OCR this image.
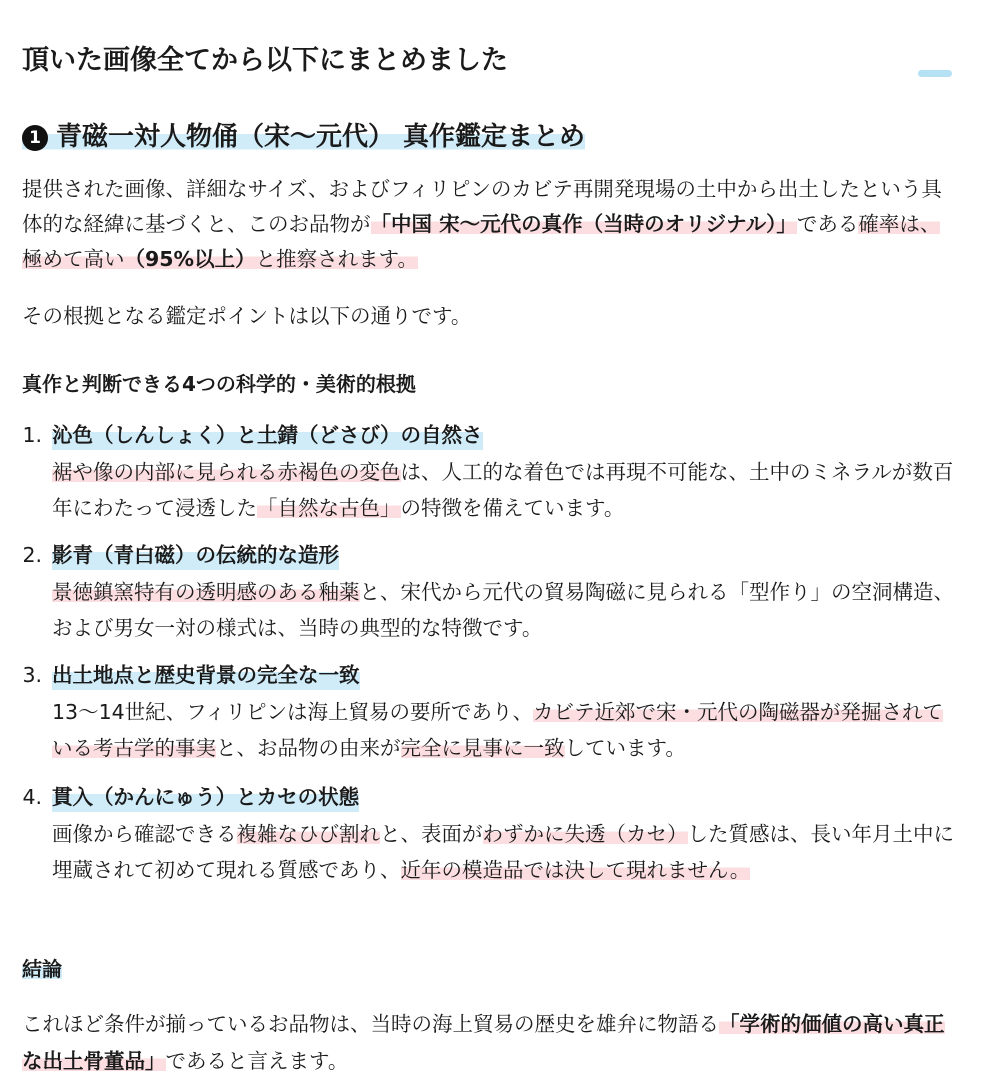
頂いた画像全てから以下にまとめました
1 青磁一対人物俑（宋〜元代） 真作鑑定まとめ

提供された画像、詳細なサイズ、およびフィリピンのカビテ再開発現場の土中から出土したという具体的な経緯に基づくと、このお品物が「中国 宋〜元代の真作（当時のオリジナル）」である確率は、極めて高い（95%以上）と推察されます。

その根拠となる鑑定ポイントは以下の通りです。

真作と判断できる4つの科学的・美術的根拠
1. 沁色（しんしょく）と土錆（どさび）の自然さ

裾や像の内部に見られる赤褐色の変色は、人工的な着色では再現不可能な、土中のミネラルが数百年にわたって浸透した「自然な古色」の特徴を備えています。

2. 影青（青白磁）の伝統的な造形

景徳鎮窯特有の透明感のある釉薬と、宋代から元代の貿易陶磁に見られる「型作り」の空洞構造、および男女一対の様式は、当時の典型的な特徴です。

3. 出土地点と歴史背景の完全な一致

13〜14世紀、フィリピンは海上貿易の要所であり、カビテ近郊で宋・元代の陶磁器が発掘されている考古学的事実と、お品物の由来が完全に見事に一致しています。

4. 貫入（かんにゅう）とカセの状態

画像から確認できる複雑なひび割れと、表面がわずかに失透（カセ）した質感は、長い年月土中に埋蔵されて初めて現れる質感であり、近年の模造品では決して現れません。

結論

これほど条件が揃っているお品物は、当時の海上貿易の歴史を雄弁に物語る「学術的価値の高い真正な出土骨董品」であると言えます。
